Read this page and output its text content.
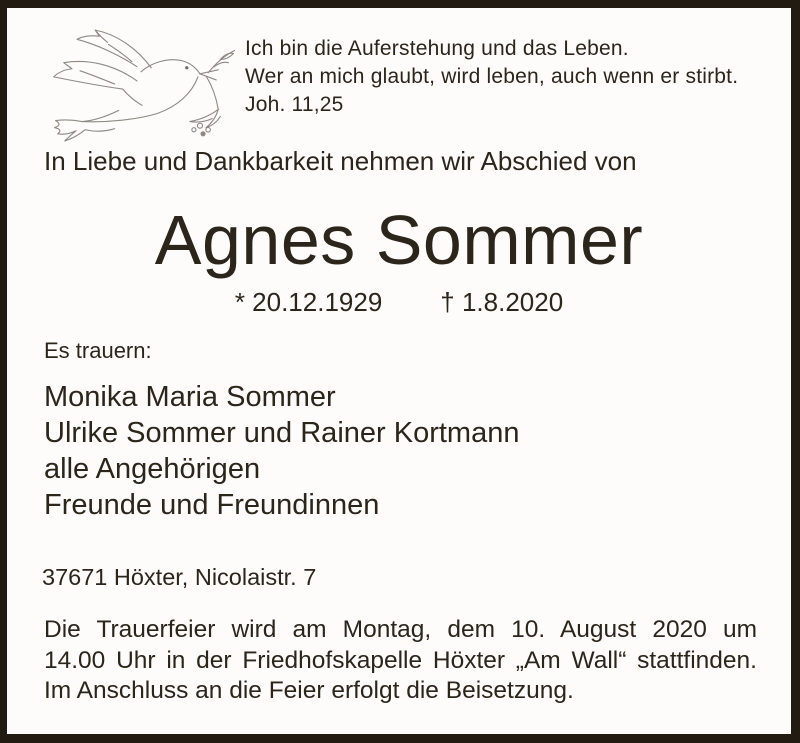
Ich bin die Auferstehung und das Leben.
Wer an mich glaubt, wird leben, auch wenn er stirbt.
Joh. 11,25
In Liebe und Dankbarkeit nehmen wir Abschied von
Agnes Sommer
* 20.12.1929 † 1.8.2020
Es trauern:
Monika Maria Sommer
Ulrike Sommer und Rainer Kortmann
alle Angehörigen
Freunde und Freundinnen
37671 Höxter, Nicolaistr. 7
Die Trauerfeier wird am Montag, dem 10. August 2020 um
14.00 Uhr in der Friedhofskapelle Höxter „Am Wall“ stattfinden.
Im Anschluss an die Feier erfolgt die Beisetzung.
